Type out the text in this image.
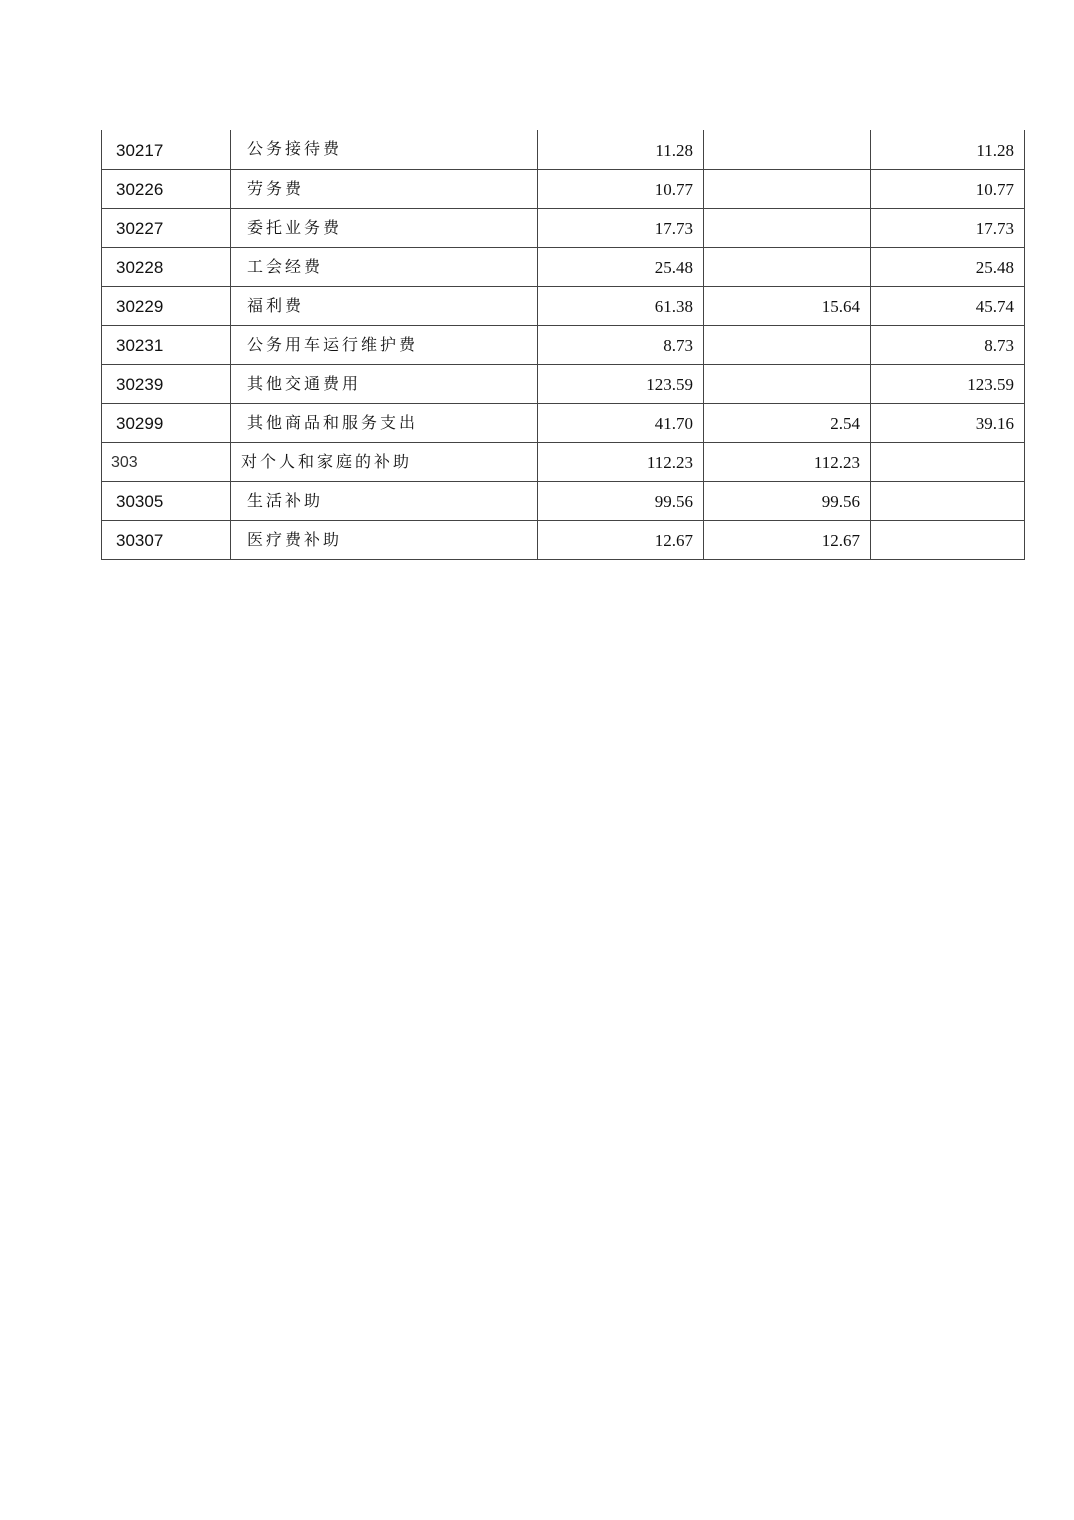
30217	公务接待费	11.28		11.28
30226	劳务费	10.77		10.77
30227	委托业务费	17.73		17.73
30228	工会经费	25.48		25.48
30229	福利费	61.38	15.64	45.74
30231	公务用车运行维护费	8.73		8.73
30239	其他交通费用	123.59		123.59
30299	其他商品和服务支出	41.70	2.54	39.16
303	对个人和家庭的补助	112.23	112.23	
30305	生活补助	99.56	99.56	
30307	医疗费补助	12.67	12.67	
